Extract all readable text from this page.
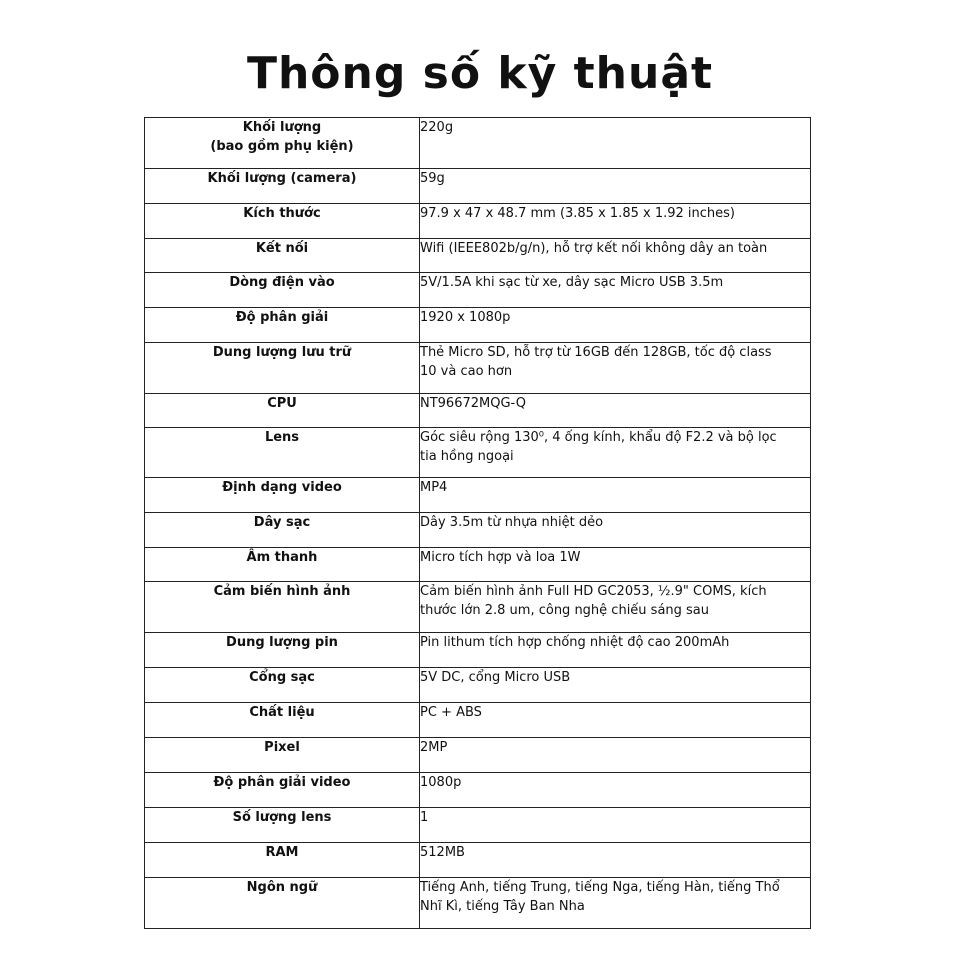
Thông số kỹ thuật
Khối lượng
(bao gồm phụ kiện)	220g
Khối lượng (camera)	59g
Kích thước	97.9 x 47 x 48.7 mm (3.85 x 1.85 x 1.92 inches)
Kết nối	Wifi (IEEE802b/g/n), hỗ trợ kết nối không dây an toàn
Dòng điện vào	5V/1.5A khi sạc từ xe, dây sạc Micro USB 3.5m
Độ phân giải	1920 x 1080p
Dung lượng lưu trữ	Thẻ Micro SD, hỗ trợ từ 16GB đến 128GB, tốc độ class
10 và cao hơn
CPU	NT96672MQG-Q
Lens	Góc siêu rộng 130⁰, 4 ống kính, khẩu độ F2.2 và bộ lọc
tia hồng ngoại
Định dạng video	MP4
Dây sạc	Dây 3.5m từ nhựa nhiệt dẻo
Âm thanh	Micro tích hợp và loa 1W
Cảm biến hình ảnh	Cảm biến hình ảnh Full HD GC2053, ½.9" COMS, kích
thước lớn 2.8 um, công nghệ chiếu sáng sau
Dung lượng pin	Pin lithum tích hợp chống nhiệt độ cao 200mAh
Cổng sạc	5V DC, cổng Micro USB
Chất liệu	PC + ABS
Pixel	2MP
Độ phân giải video	1080p
Số lượng lens	1
RAM	512MB
Ngôn ngữ	Tiếng Anh, tiếng Trung, tiếng Nga, tiếng Hàn, tiếng Thổ
Nhĩ Kì, tiếng Tây Ban Nha
